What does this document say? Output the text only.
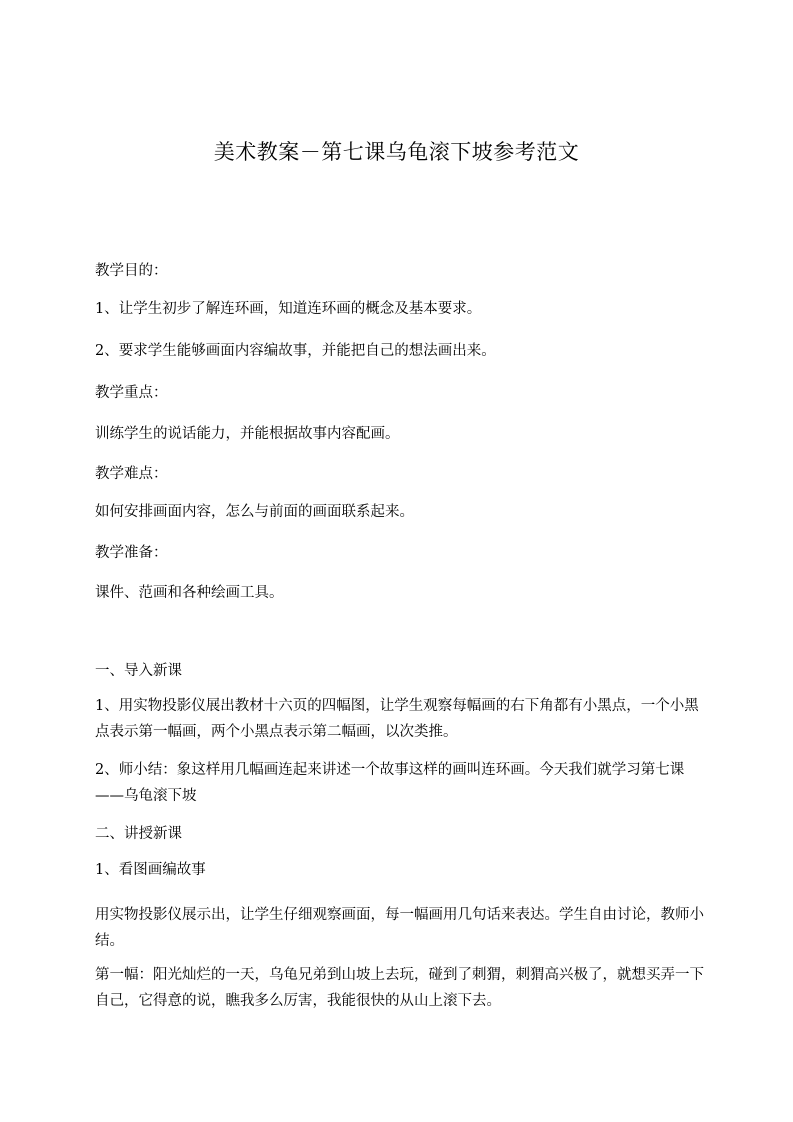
美术教案－第七课乌龟滚下坡参考范文

教学目的：

1、让学生初步了解连环画，知道连环画的概念及基本要求。

2、要求学生能够画面内容编故事，并能把自己的想法画出来。

教学重点：

训练学生的说话能力，并能根据故事内容配画。

教学难点：

如何安排画面内容，怎么与前面的画面联系起来。

教学准备：

课件、范画和各种绘画工具。

一、导入新课

1、用实物投影仪展出教材十六页的四幅图，让学生观察每幅画的右下角都有小黑点，一个小黑点表示第一幅画，两个小黑点表示第二幅画，以次类推。

2、师小结：象这样用几幅画连起来讲述一个故事这样的画叫连环画。今天我们就学习第七课——乌龟滚下坡

二、讲授新课

1、看图画编故事

用实物投影仪展示出，让学生仔细观察画面，每一幅画用几句话来表达。学生自由讨论，教师小结。

第一幅：阳光灿烂的一天，乌龟兄弟到山坡上去玩，碰到了刺猬，刺猬高兴极了，就想买弄一下自己，它得意的说，瞧我多么厉害，我能很快的从山上滚下去。
